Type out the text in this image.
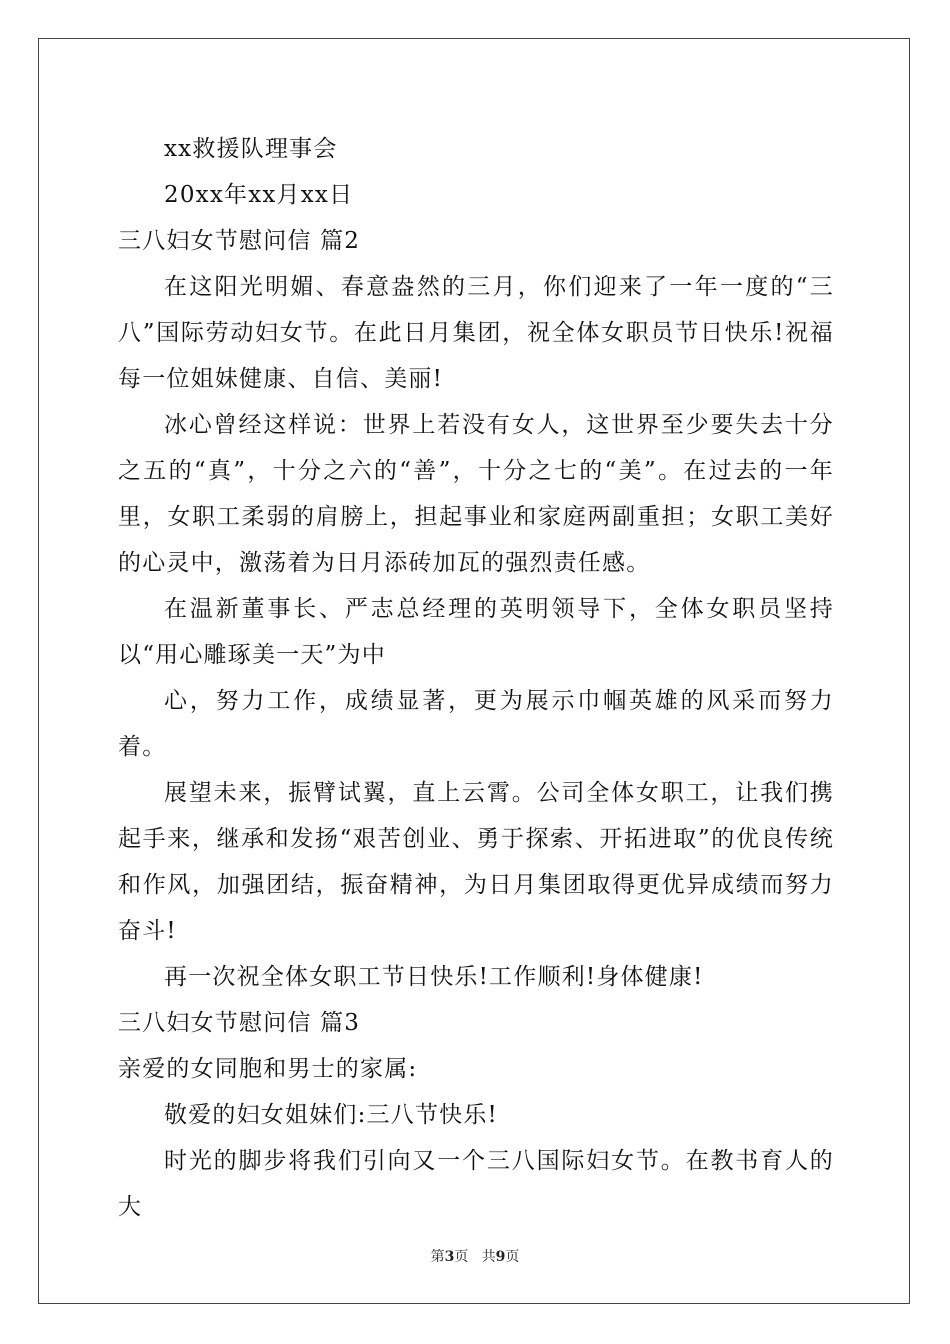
xx救援队理事会
20xx年xx月xx日
三八妇女节慰问信 篇2
在这阳光明媚、春意盎然的三月，你们迎来了一年一度的“三八”国际劳动妇女节。在此日月集团，祝全体女职员节日快乐!祝福每一位姐妹健康、自信、美丽!
冰心曾经这样说：世界上若没有女人，这世界至少要失去十分之五的“真”，十分之六的“善”，十分之七的“美”。在过去的一年里，女职工柔弱的肩膀上，担起事业和家庭两副重担；女职工美好的心灵中，激荡着为日月添砖加瓦的强烈责任感。
在温新董事长、严志总经理的英明领导下，全体女职员坚持以“用心雕琢美一天”为中
心，努力工作，成绩显著，更为展示巾帼英雄的风采而努力着。
展望未来，振臂试翼，直上云霄。公司全体女职工，让我们携起手来，继承和发扬“艰苦创业、勇于探索、开拓进取”的优良传统和作风，加强团结，振奋精神，为日月集团取得更优异成绩而努力奋斗!
再一次祝全体女职工节日快乐!工作顺利!身体健康!
三八妇女节慰问信 篇3
亲爱的女同胞和男士的家属:
敬爱的妇女姐妹们:三八节快乐!
时光的脚步将我们引向又一个三八国际妇女节。在教书育人的大
第3页   共9页
